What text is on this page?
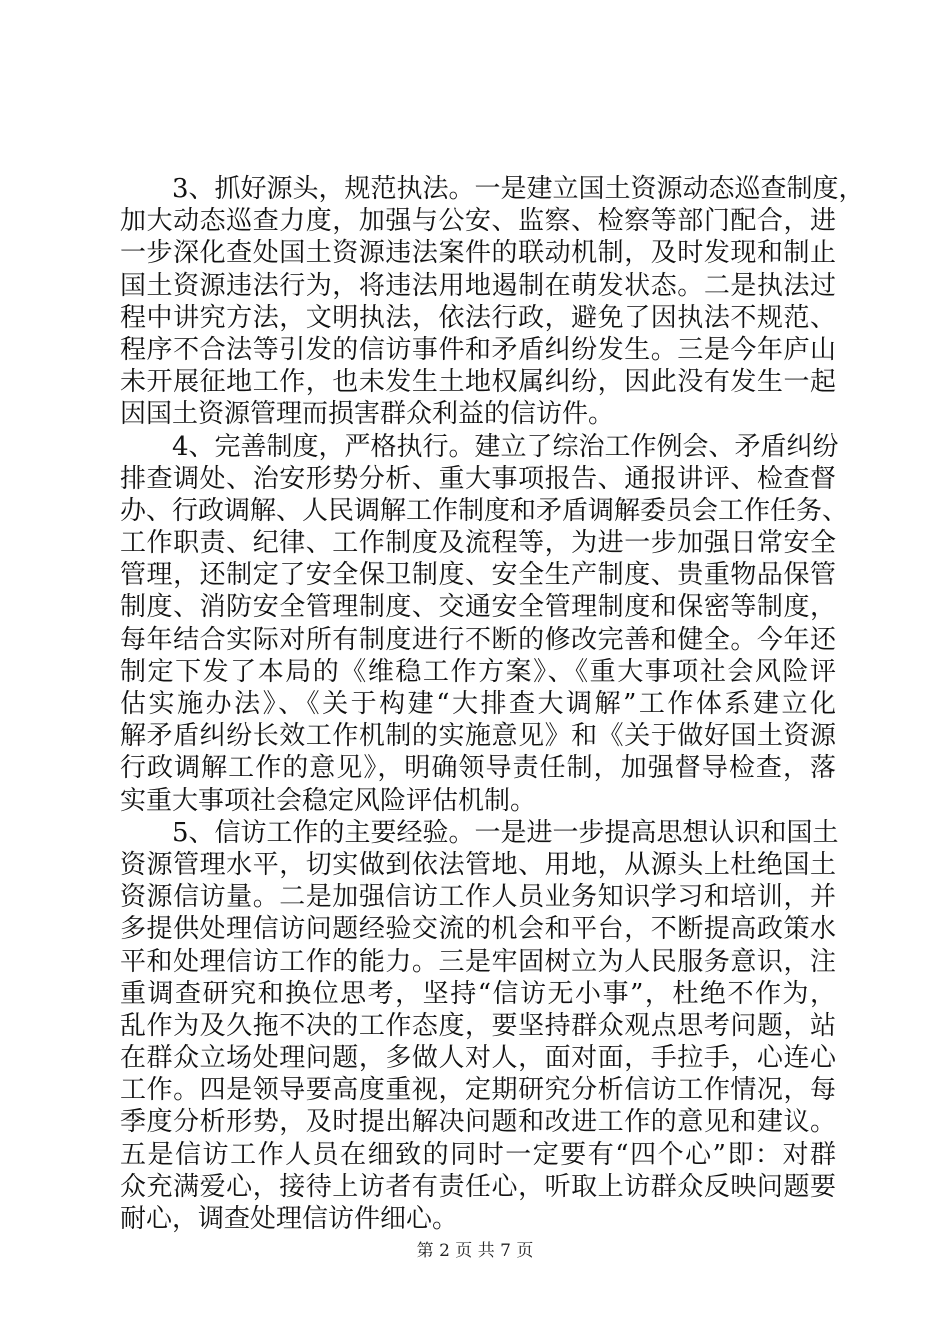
　　3、抓好源头，规范执法。一是建立国土资源动态巡查制度，
加大动态巡查力度，加强与公安、监察、检察等部门配合，进
一步深化查处国土资源违法案件的联动机制，及时发现和制止
国土资源违法行为，将违法用地遏制在萌发状态。二是执法过
程中讲究方法，文明执法，依法行政，避免了因执法不规范、
程序不合法等引发的信访事件和矛盾纠纷发生。三是今年庐山
未开展征地工作，也未发生土地权属纠纷，因此没有发生一起
因国土资源管理而损害群众利益的信访件。
　　4、完善制度，严格执行。建立了综治工作例会、矛盾纠纷
排查调处、治安形势分析、重大事项报告、通报讲评、检查督
办、行政调解、人民调解工作制度和矛盾调解委员会工作任务、
工作职责、纪律、工作制度及流程等，为进一步加强日常安全
管理，还制定了安全保卫制度、安全生产制度、贵重物品保管
制度、消防安全管理制度、交通安全管理制度和保密等制度，
每年结合实际对所有制度进行不断的修改完善和健全。今年还
制定下发了本局的《维稳工作方案》、《重大事项社会风险评
估实施办法》、《关于构建“大排查大调解”工作体系建立化
解矛盾纠纷长效工作机制的实施意见》和《关于做好国土资源
行政调解工作的意见》，明确领导责任制，加强督导检查，落
实重大事项社会稳定风险评估机制。
　　5、信访工作的主要经验。一是进一步提高思想认识和国土
资源管理水平，切实做到依法管地、用地，从源头上杜绝国土
资源信访量。二是加强信访工作人员业务知识学习和培训，并
多提供处理信访问题经验交流的机会和平台，不断提高政策水
平和处理信访工作的能力。三是牢固树立为人民服务意识，注
重调查研究和换位思考，坚持“信访无小事”，杜绝不作为，
乱作为及久拖不决的工作态度，要坚持群众观点思考问题，站
在群众立场处理问题，多做人对人，面对面，手拉手，心连心
工作。四是领导要高度重视，定期研究分析信访工作情况，每
季度分析形势，及时提出解决问题和改进工作的意见和建议。
五是信访工作人员在细致的同时一定要有“四个心”即：对群
众充满爱心，接待上访者有责任心，听取上访群众反映问题要
耐心，调查处理信访件细心。
第 2 页 共 7 页
